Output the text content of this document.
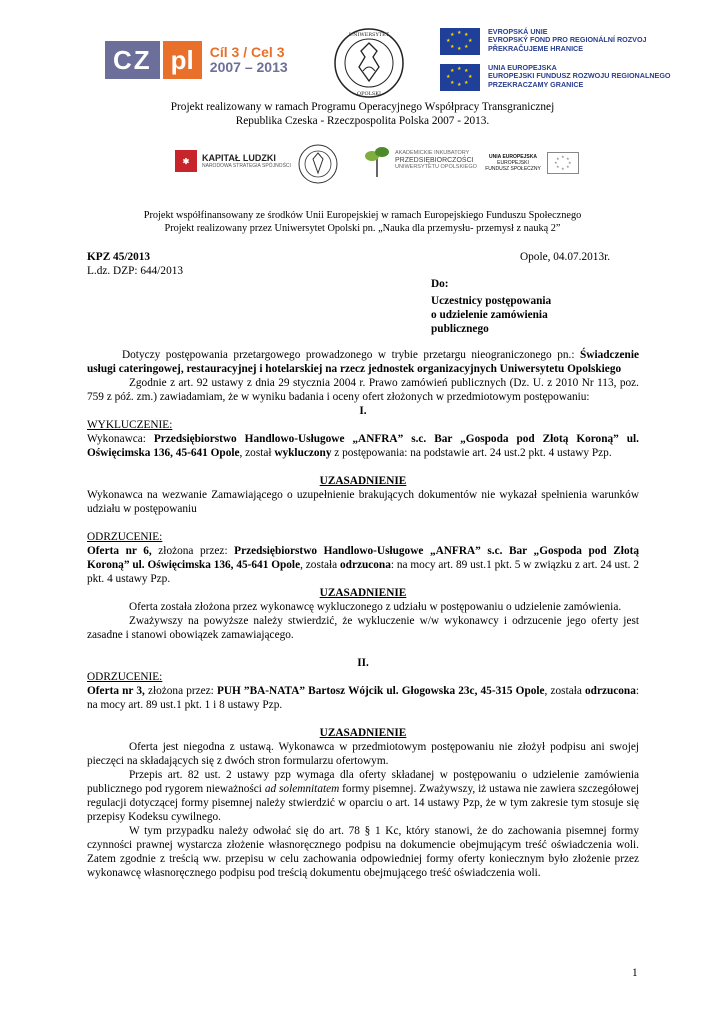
CZ pl	Cíl 3 / Cel 3
2007 – 2013
UNIWERSYTET
OPOLSKI
★ ★
★
★
★
★
★
★	EVROPSKÁ UNIE
EVROPSKÝ FOND PRO REGIONÁLNÍ ROZVOJ
PŘEKRAČUJEME HRANICE
★ ★
★
★
★
★
★
★	UNIA EUROPEJSKA
EUROPEJSKI FUNDUSZ ROZWOJU REGIONALNEGO
PRZEKRACZAMY GRANICE
Projekt realizowany w ramach Programu Operacyjnego Współpracy Transgranicznej
Republika Czeska - Rzeczpospolita Polska 2007 - 2013.
✱	KAPITAŁ LUDZKI
NARODOWA STRATEGIA SPÓJNOŚCI
AKADEMICKIE INKUBATORY
PRZEDSIĘBIORCZOŚCI
UNIWERSYTETU OPOLSKIEGO
UNIA EUROPEJSKA
EUROPEJSKI
FUNDUSZ SPOŁECZNY
★ ★
★
★
★
★
★
★
Projekt współfinansowany ze środków Unii Europejskiej w ramach Europejskiego Funduszu Społecznego
Projekt realizowany przez Uniwersytet Opolski pn. „Nauka dla przemysłu- przemysł z nauką 2”
KPZ 45/2013
L.dz. DZP: 644/2013
Opole, 04.07.2013r.
Do:
Uczestnicy postępowania
o udzielenie zamówienia
publicznego
Dotyczy postępowania przetargowego prowadzonego w trybie przetargu nieograniczonego pn.: Świadczenie usługi cateringowej, restauracyjnej i hotelarskiej na rzecz jednostek organizacyjnych Uniwersytetu Opolskiego
Zgodnie z art. 92 ustawy z dnia 29 stycznia 2004 r. Prawo zamówień publicznych (Dz. U. z 2010 Nr 113, poz. 759 z póź. zm.) zawiadamiam, że w wyniku badania i oceny ofert złożonych w przedmiotowym postępowaniu:
I.
WYKLUCZENIE:
Wykonawca: Przedsiębiorstwo Handlowo-Usługowe „ANFRA” s.c. Bar „Gospoda pod Złotą Koroną” ul. Oświęcimska 136, 45-641 Opole, został wykluczony z postępowania: na podstawie art. 24 ust.2 pkt. 4 ustawy Pzp.
UZASADNIENIE
Wykonawca na wezwanie Zamawiającego o uzupełnienie brakujących dokumentów nie wykazał spełnienia warunków udziału w postępowaniu
ODRZUCENIE:
Oferta nr 6, złożona przez: Przedsiębiorstwo Handlowo-Usługowe „ANFRA” s.c. Bar „Gospoda pod Złotą Koroną” ul. Oświęcimska 136, 45-641 Opole, została odrzucona: na mocy art. 89 ust.1 pkt. 5 w związku z art. 24 ust. 2 pkt. 4 ustawy Pzp.
UZASADNIENIE
Oferta została złożona przez wykonawcę wykluczonego z udziału w postępowaniu o udzielenie zamówienia.
Zważywszy na powyższe należy stwierdzić, że wykluczenie w/w wykonawcy i odrzucenie jego oferty jest zasadne i stanowi obowiązek zamawiającego.
II.
ODRZUCENIE:
Oferta nr 3, złożona przez: PUH ”BA-NATA” Bartosz Wójcik ul. Głogowska 23c, 45-315 Opole, została odrzucona: na mocy art. 89 ust.1 pkt. 1 i 8 ustawy Pzp.
UZASADNIENIE
Oferta jest niegodna z ustawą. Wykonawca w przedmiotowym postępowaniu nie złożył podpisu ani swojej pieczęci na składających się z dwóch stron formularzu ofertowym.
Przepis art. 82 ust. 2 ustawy pzp wymaga dla oferty składanej w postępowaniu o udzielenie zamówienia publicznego pod rygorem nieważności ad solemnitatem formy pisemnej. Zważywszy, iż ustawa nie zawiera szczegółowej regulacji dotyczącej formy pisemnej należy stwierdzić w oparciu o art. 14 ustawy Pzp, że w tym zakresie tym stosuje się przepisy Kodeksu cywilnego.
W tym przypadku należy odwołać się do art. 78 § 1 Kc, który stanowi, że do zachowania pisemnej formy czynności prawnej wystarcza złożenie własnoręcznego podpisu na dokumencie obejmującym treść oświadczenia woli. Zatem zgodnie z treścią ww. przepisu w celu zachowania odpowiedniej formy oferty koniecznym było złożenie przez wykonawcę własnoręcznego podpisu pod treścią dokumentu obejmującego treść oświadczenia woli.
1
